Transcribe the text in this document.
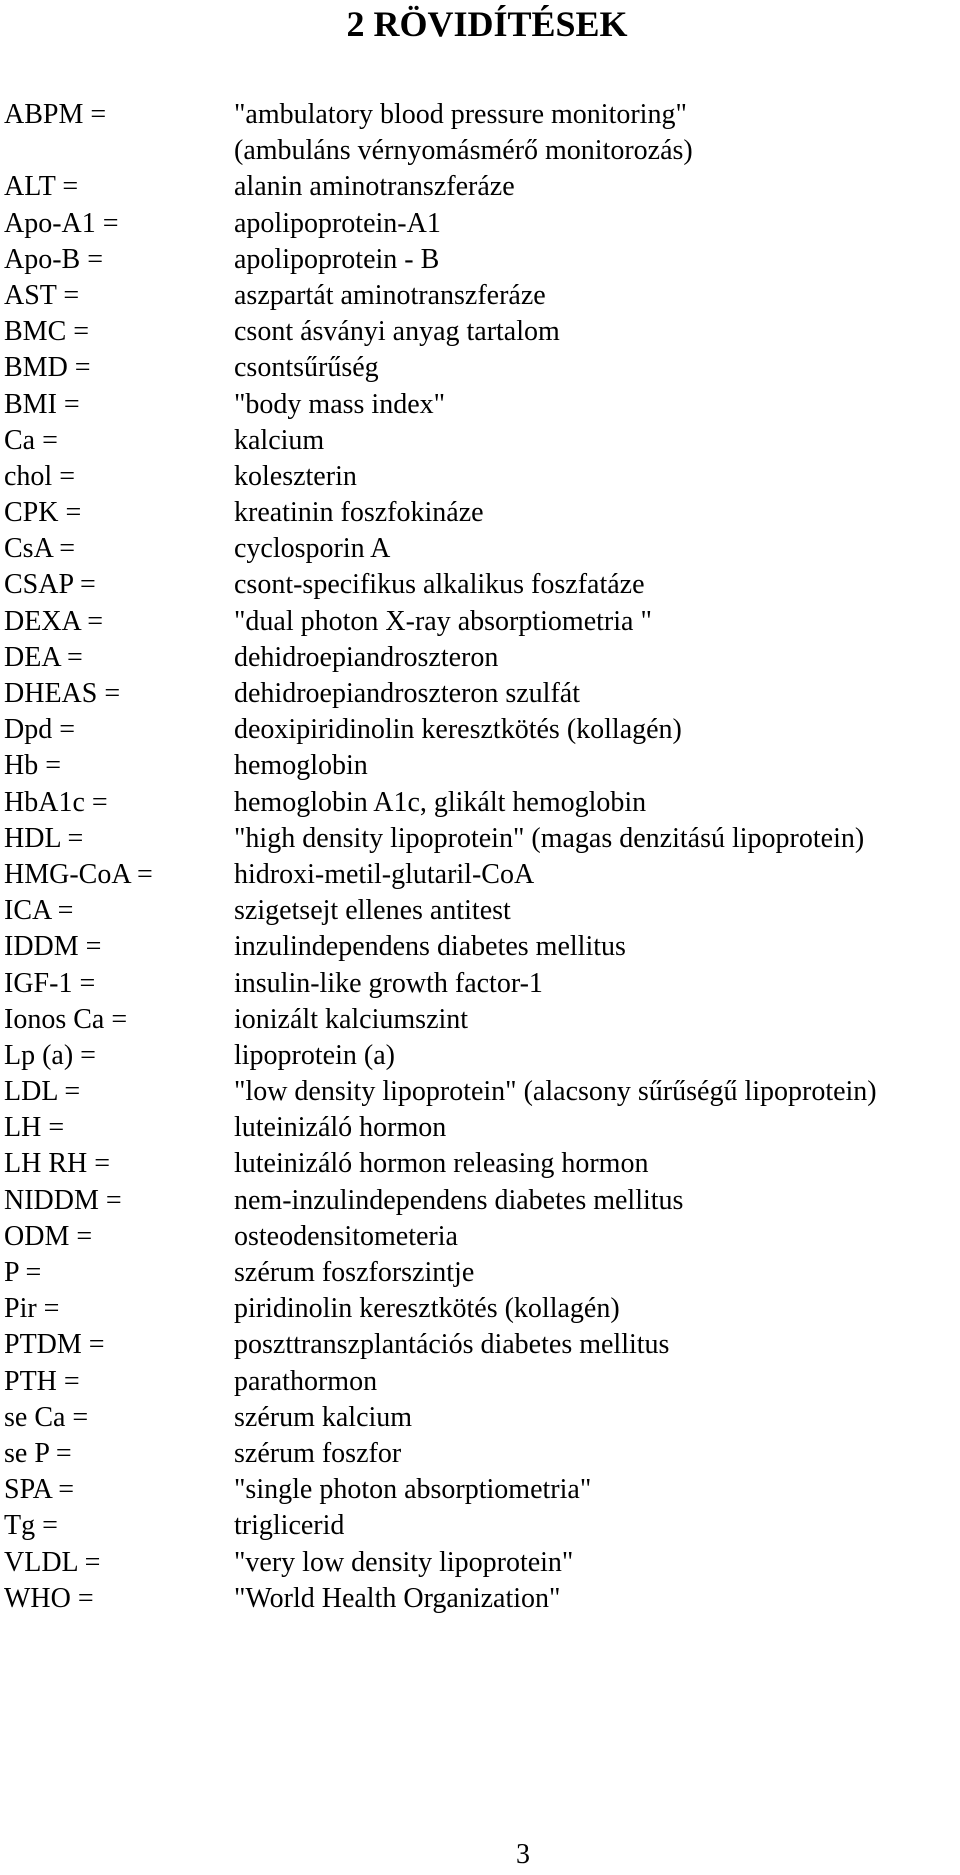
2 RÖVIDÍTÉSEK
ABPM =	"ambulatory blood pressure monitoring"
(ambuláns vérnyomásmérő monitorozás)
ALT =	alanin aminotranszferáze
Apo-A1 =	apolipoprotein-A1
Apo-B =	apolipoprotein - B
AST =	aszpartát aminotranszferáze
BMC =	csont ásványi anyag tartalom
BMD =	csontsűrűség
BMI =	"body mass index"
Ca =	kalcium
chol =	koleszterin
CPK =	kreatinin foszfokináze
CsA =	cyclosporin A
CSAP =	csont-specifikus alkalikus foszfatáze
DEXA =	"dual photon X-ray absorptiometria "
DEA =	dehidroepiandroszteron
DHEAS =	dehidroepiandroszteron szulfát
Dpd =	deoxipiridinolin keresztkötés (kollagén)
Hb =	hemoglobin
HbA1c =	hemoglobin A1c, glikált hemoglobin
HDL =	"high density lipoprotein" (magas denzitású lipoprotein)
HMG-CoA =	hidroxi-metil-glutaril-CoA
ICA =	szigetsejt ellenes antitest
IDDM =	inzulindependens diabetes mellitus
IGF-1 =	insulin-like growth factor-1
Ionos Ca =	ionizált kalciumszint
Lp (a) =	lipoprotein (a)
LDL =	"low density lipoprotein" (alacsony sűrűségű lipoprotein)
LH =	luteinizáló hormon
LH RH =	luteinizáló hormon releasing hormon
NIDDM =	nem-inzulindependens diabetes mellitus
ODM =	osteodensitometeria
P =	szérum foszforszintje
Pir =	piridinolin keresztkötés (kollagén)
PTDM =	poszttranszplantációs diabetes mellitus
PTH =	parathormon
se Ca =	szérum kalcium
se P =	szérum foszfor
SPA =	"single photon absorptiometria"
Tg =	triglicerid
VLDL =	"very low density lipoprotein"
WHO =	"World Health Organization"
3
